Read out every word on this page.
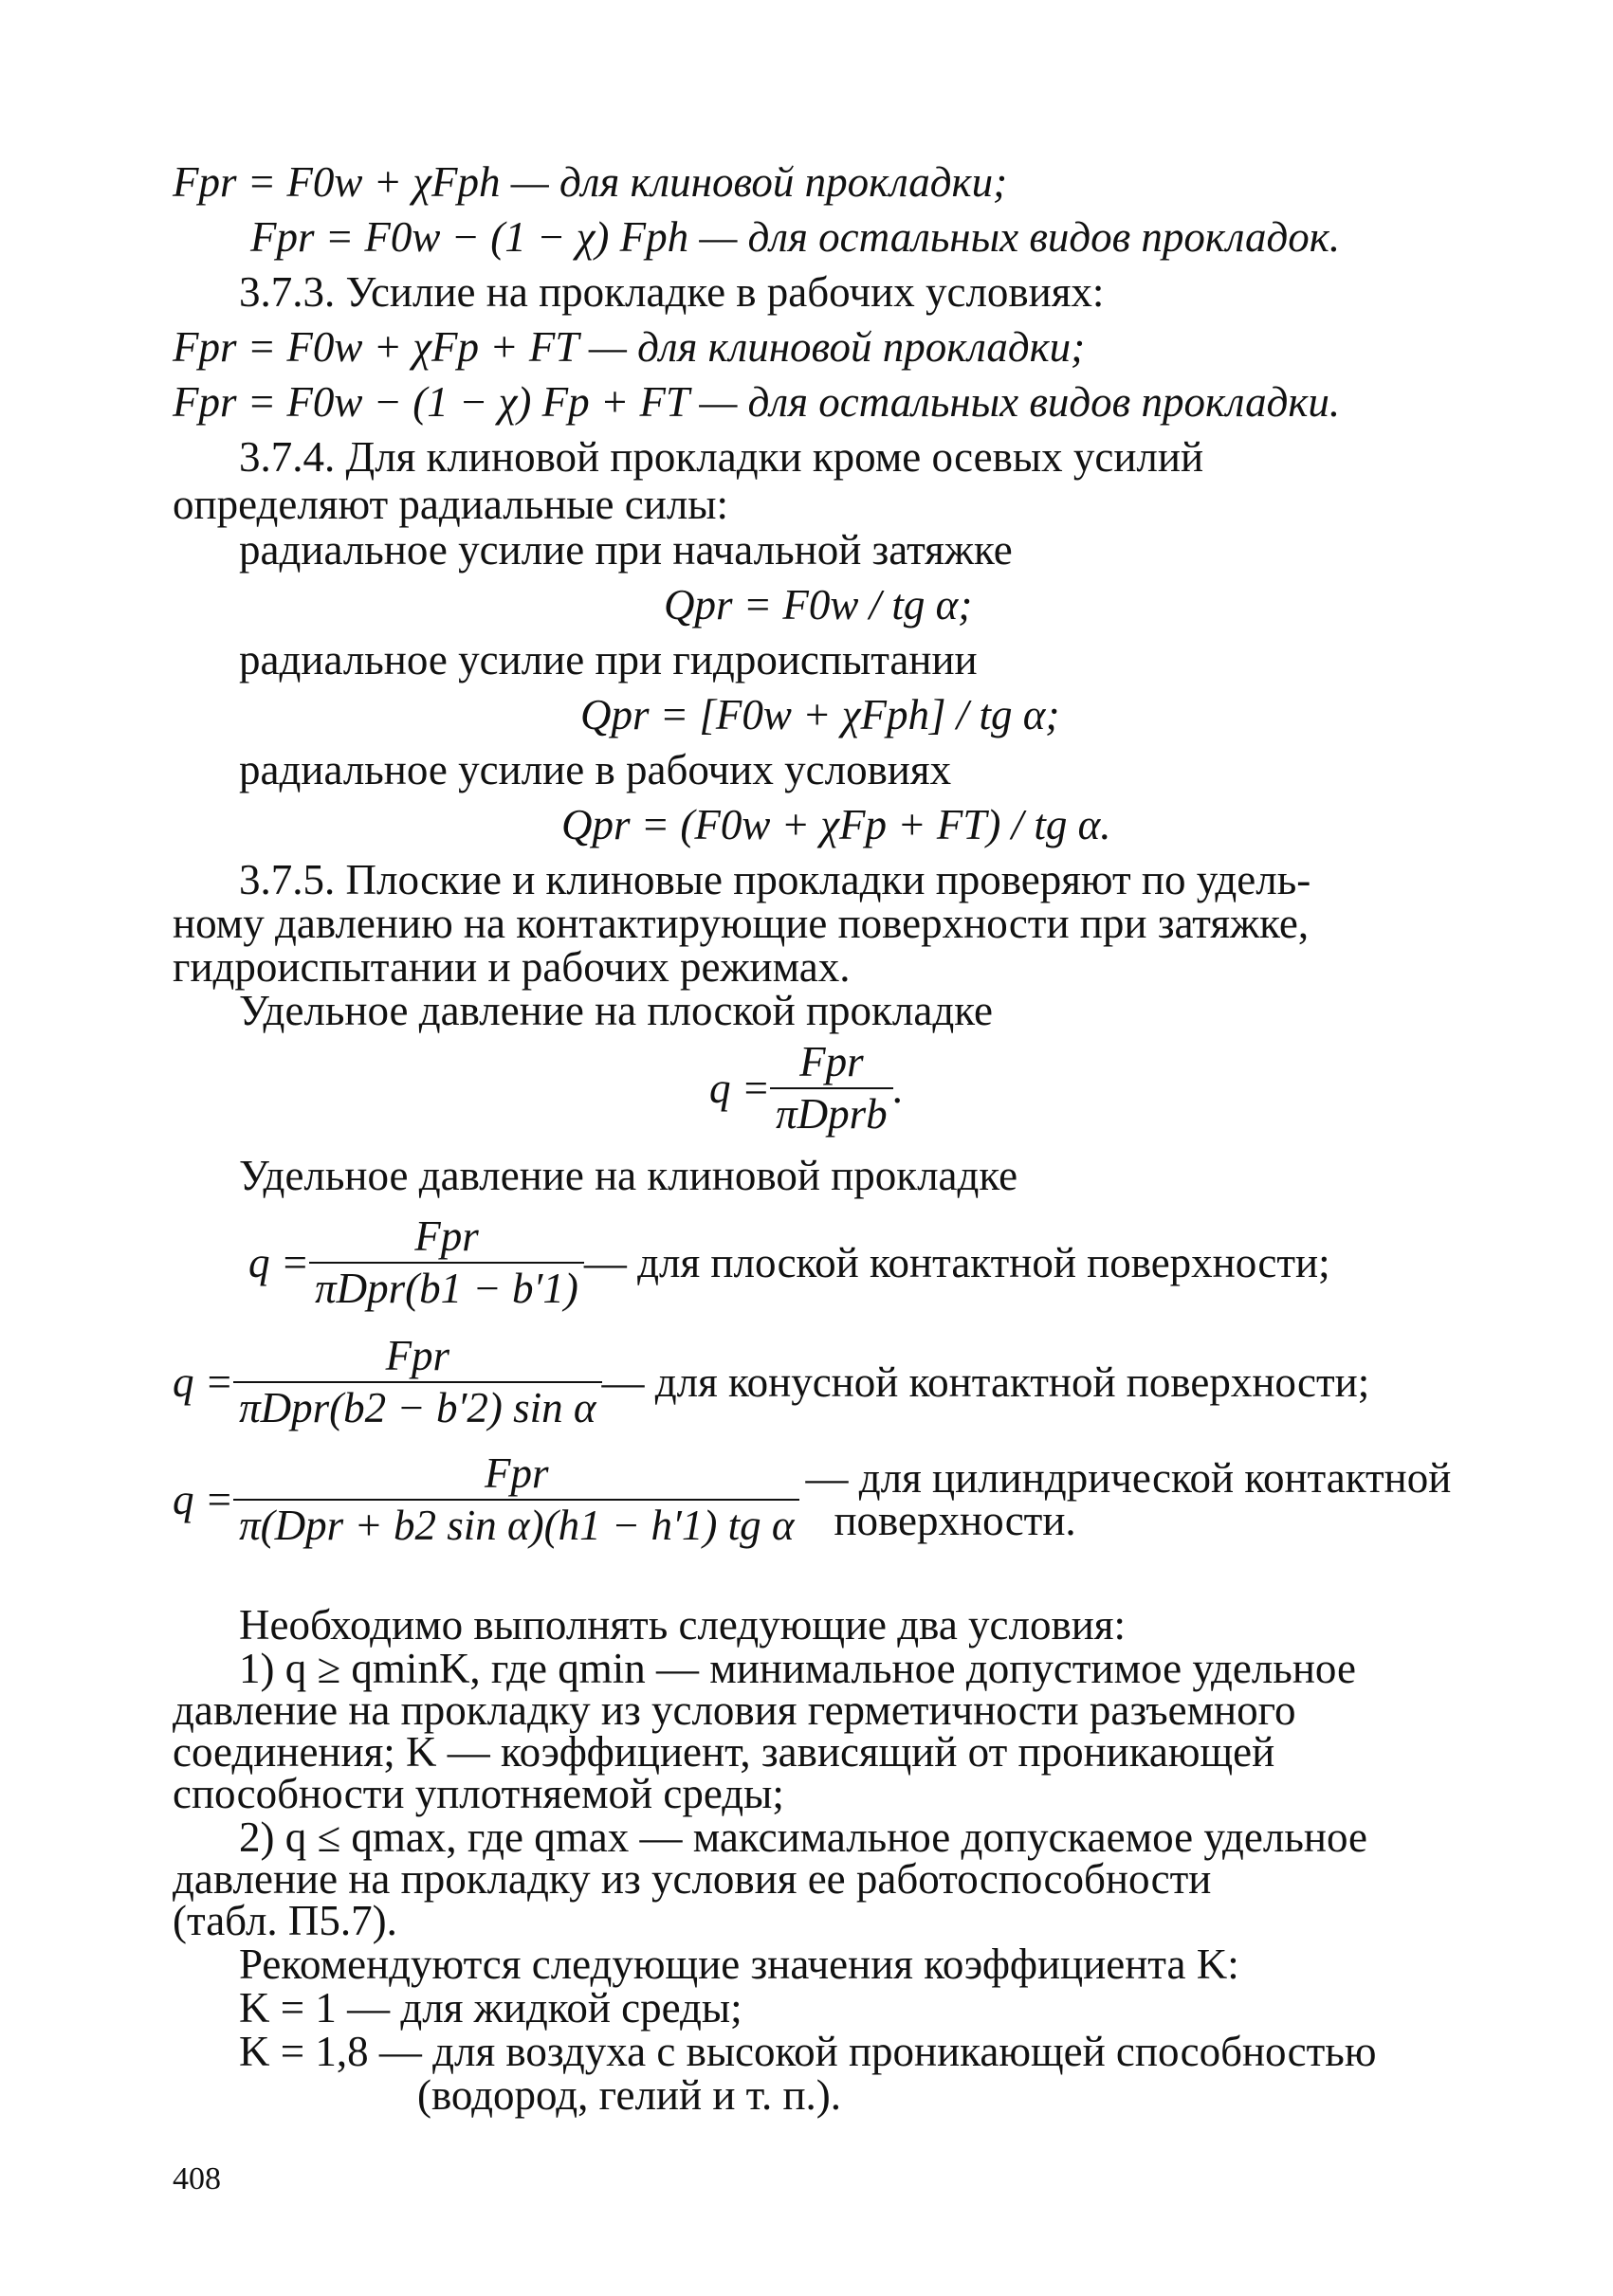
Fpr = F0w + χFph — для клиновой прокладки;
Fpr = F0w − (1 − χ) Fph — для остальных видов прокладок.
3.7.3. Усилие на прокладке в рабочих условиях:
Fpr = F0w + χFp + FT — для клиновой прокладки;
Fpr = F0w − (1 − χ) Fp + FT — для остальных видов прокладки.
3.7.4. Для клиновой прокладки кроме осевых усилий
определяют радиальные силы:
радиальное усилие при начальной затяжке
Qpr = F0w / tg α;
радиальное усилие при гидроиспытании
Qpr = [F0w + χFph] / tg α;
радиальное усилие в рабочих условиях
Qpr = (F0w + χFp + FT) / tg α.
3.7.5. Плоские и клиновые прокладки проверяют по удель-
ному давлению на контактирующие поверхности при затяжке,
гидроиспытании и рабочих режимах.
Удельное давление на плоской прокладке
$q = \frac{\text{Fpr}}{\text{πDprb}}$ .
Удельное давление на клиновой прокладке
$q = \frac{\text{Fpr}}{\text{πDpr(b1 − b′1)}}$ — для плоской контактной поверхности;
$q = \frac{\text{Fpr}}{\text{πDpr(b2 − b′2) sin α}}$ — для конусной контактной поверхности;
$q = \frac{\text{Fpr}}{\text{π(Dpr + b2 sin α)(h1 − h′1) tg α}}$ — для цилиндрической контактной
поверхности.
Необходимо выполнять следующие два условия:
1) q ≥ qminK, где qmin — минимальное допустимое удельное
давление на прокладку из условия герметичности разъемного
соединения; K — коэффициент, зависящий от проникающей
способности уплотняемой среды;
2) q ≤ qmax, где qmax — максимальное допускаемое удельное
давление на прокладку из условия ее работоспособности
(табл. П5.7).
Рекомендуются следующие значения коэффициента K:
K = 1 — для жидкой среды;
K = 1,8 — для воздуха с высокой проникающей способностью
(водород, гелий и т. п.).
408
